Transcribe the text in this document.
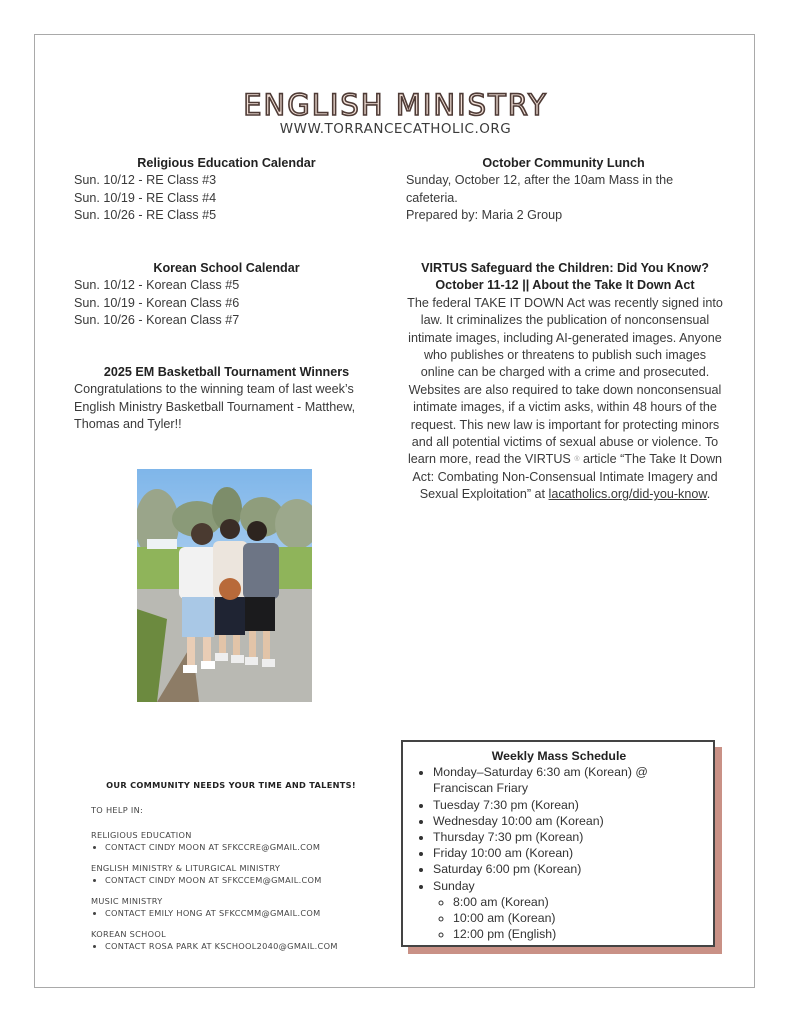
ENGLISH MINISTRY
WWW.TORRANCECATHOLIC.ORG
Religious Education Calendar
Sun. 10/12 - RE Class #3
Sun. 10/19 - RE Class #4
Sun. 10/26 - RE Class #5
Korean School Calendar
Sun. 10/12 - Korean Class #5
Sun. 10/19 - Korean Class #6
Sun. 10/26 - Korean Class #7
2025 EM Basketball Tournament Winners
Congratulations to the winning team of last week’s English Ministry Basketball Tournament - Matthew, Thomas and Tyler!!
October Community Lunch
Sunday, October 12, after the 10am Mass in the cafeteria.
Prepared by: Maria 2 Group
VIRTUS Safeguard the Children: Did You Know?
October 11-12 || About the Take It Down Act
The federal TAKE IT DOWN Act was recently signed into law. It criminalizes the publication of nonconsensual intimate images, including AI-generated images. Anyone who publishes or threatens to publish such images online can be charged with a crime and prosecuted. Websites are also required to take down nonconsensual intimate images, if a victim asks, within 48 hours of the request. This new law is important for protecting minors and all potential victims of sexual abuse or violence. To learn more, read the VIRTUS ® article “The Take It Down Act: Combating Non-Consensual Intimate Imagery and Sexual Exploitation” at lacatholics.org/did-you-know.
OUR COMMUNITY NEEDS YOUR TIME AND TALENTS!
TO HELP IN:
RELIGIOUS EDUCATION
• CONTACT CINDY MOON AT SFKCCRE@GMAIL.COM
ENGLISH MINISTRY & LITURGICAL MINISTRY
• CONTACT CINDY MOON AT SFKCCEM@GMAIL.COM
MUSIC MINISTRY
• CONTACT EMILY HONG AT SFKCCMM@GMAIL.COM
KOREAN SCHOOL
• CONTACT ROSA PARK AT KSCHOOL2040@GMAIL.COM
Weekly Mass Schedule
• Monday–Saturday 6:30 am (Korean) @ Franciscan Friary
• Tuesday 7:30 pm (Korean)
• Wednesday 10:00 am (Korean)
• Thursday 7:30 pm (Korean)
• Friday 10:00 am (Korean)
• Saturday 6:00 pm (Korean)
• Sunday
◦ 8:00 am (Korean)
◦ 10:00 am (Korean)
◦ 12:00 pm (English)
